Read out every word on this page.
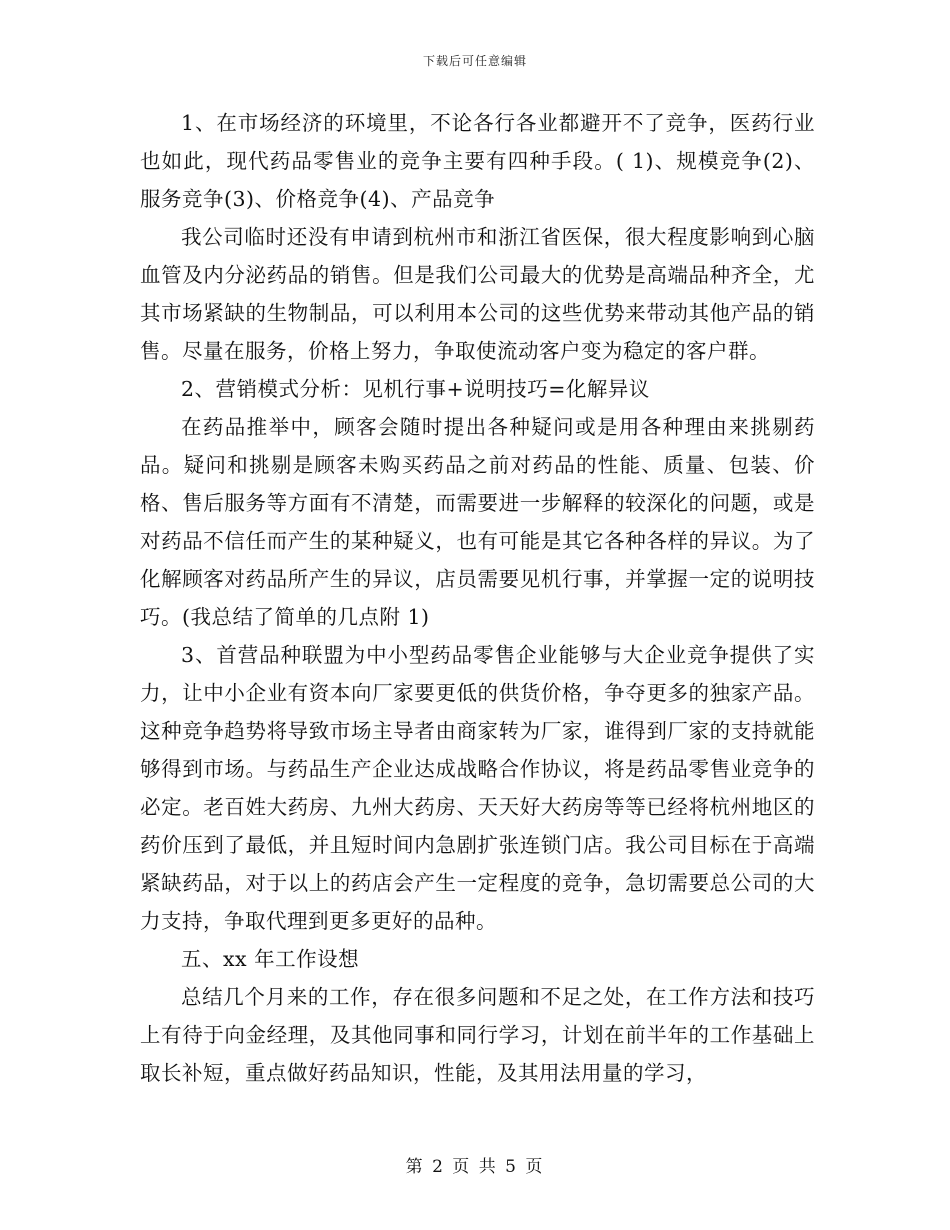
下载后可任意编辑

1、在市场经济的环境里，不论各行各业都避开不了竞争，医药行业也如此，现代药品零售业的竞争主要有四种手段。( 1)、规模竞争(2)、服务竞争(3)、价格竞争(4)、产品竞争

我公司临时还没有申请到杭州市和浙江省医保，很大程度影响到心脑血管及内分泌药品的销售。但是我们公司最大的优势是高端品种齐全，尤其市场紧缺的生物制品，可以利用本公司的这些优势来带动其他产品的销售。尽量在服务，价格上努力，争取使流动客户变为稳定的客户群。

2、营销模式分析：见机行事+说明技巧=化解异议

在药品推举中，顾客会随时提出各种疑问或是用各种理由来挑剔药品。疑问和挑剔是顾客未购买药品之前对药品的性能、质量、包装、价格、售后服务等方面有不清楚，而需要进一步解释的较深化的问题，或是对药品不信任而产生的某种疑义，也有可能是其它各种各样的异议。为了化解顾客对药品所产生的异议，店员需要见机行事，并掌握一定的说明技巧。(我总结了简单的几点附 1)

3、首营品种联盟为中小型药品零售企业能够与大企业竞争提供了实力，让中小企业有资本向厂家要更低的供货价格，争夺更多的独家产品。这种竞争趋势将导致市场主导者由商家转为厂家，谁得到厂家的支持就能够得到市场。与药品生产企业达成战略合作协议，将是药品零售业竞争的必定。老百姓大药房、九州大药房、天天好大药房等等已经将杭州地区的药价压到了最低，并且短时间内急剧扩张连锁门店。我公司目标在于高端紧缺药品，对于以上的药店会产生一定程度的竞争，急切需要总公司的大力支持，争取代理到更多更好的品种。

五、xx 年工作设想

总结几个月来的工作，存在很多问题和不足之处，在工作方法和技巧上有待于向金经理，及其他同事和同行学习，计划在前半年的工作基础上取长补短，重点做好药品知识，性能，及其用法用量的学习，

第 2 页 共 5 页
